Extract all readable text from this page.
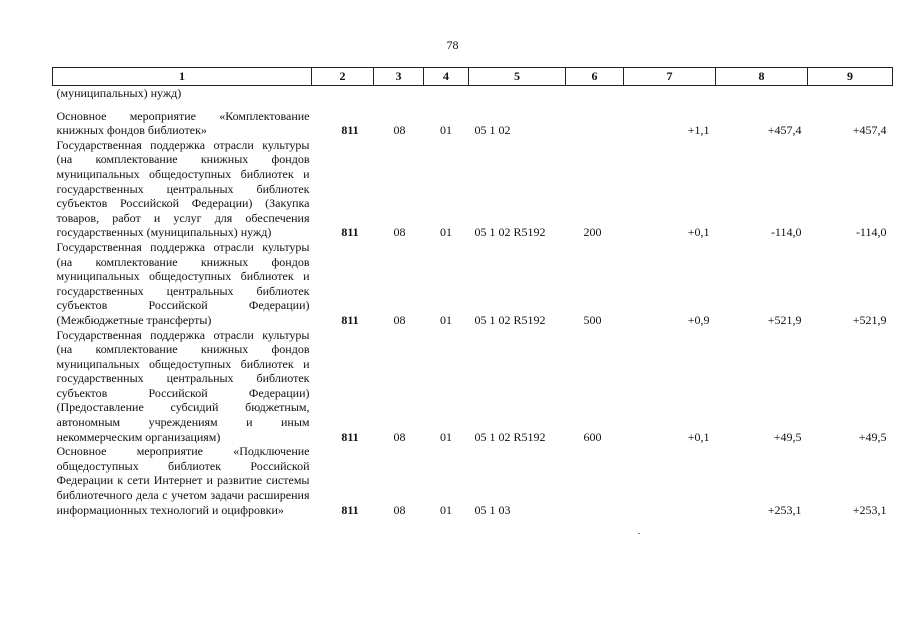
78
1	2	3	4	5	6	7	8	9

(муниципальных) нужд)								

Основное мероприятие «Комплектование книжных фондов библиотек»	811	08	01	05 1 02		+1,1	+457,4	+457,4

Государственная поддержка отрасли культуры (на комплектование книжных фондов муниципальных общедоступных библиотек и государственных центральных библиотек субъектов Российской Федерации) (Закупка товаров, работ и услуг для обеспечения государственных (муниципальных) нужд)	811	08	01	05 1 02 R5192	200	+0,1	-114,0	-114,0

Государственная поддержка отрасли культуры (на комплектование книжных фондов муниципальных общедоступных библиотек и государственных центральных библиотек субъектов Российской Федерации) (Межбюджетные трансферты)	811	08	01	05 1 02 R5192	500	+0,9	+521,9	+521,9

Государственная поддержка отрасли культуры (на комплектование книжных фондов муниципальных общедоступных библиотек и государственных центральных библиотек субъектов Российской Федерации) (Предоставление субсидий бюджетным, автономным учреждениям и иным некоммерческим организациям)	811	08	01	05 1 02 R5192	600	+0,1	+49,5	+49,5

Основное мероприятие «Подключение общедоступных библиотек Российской Федерации к сети Интернет и развитие системы библиотечного дела с учетом задачи расширения информационных технологий и оцифровки»	811	08	01	05 1 03			+253,1	+253,1
